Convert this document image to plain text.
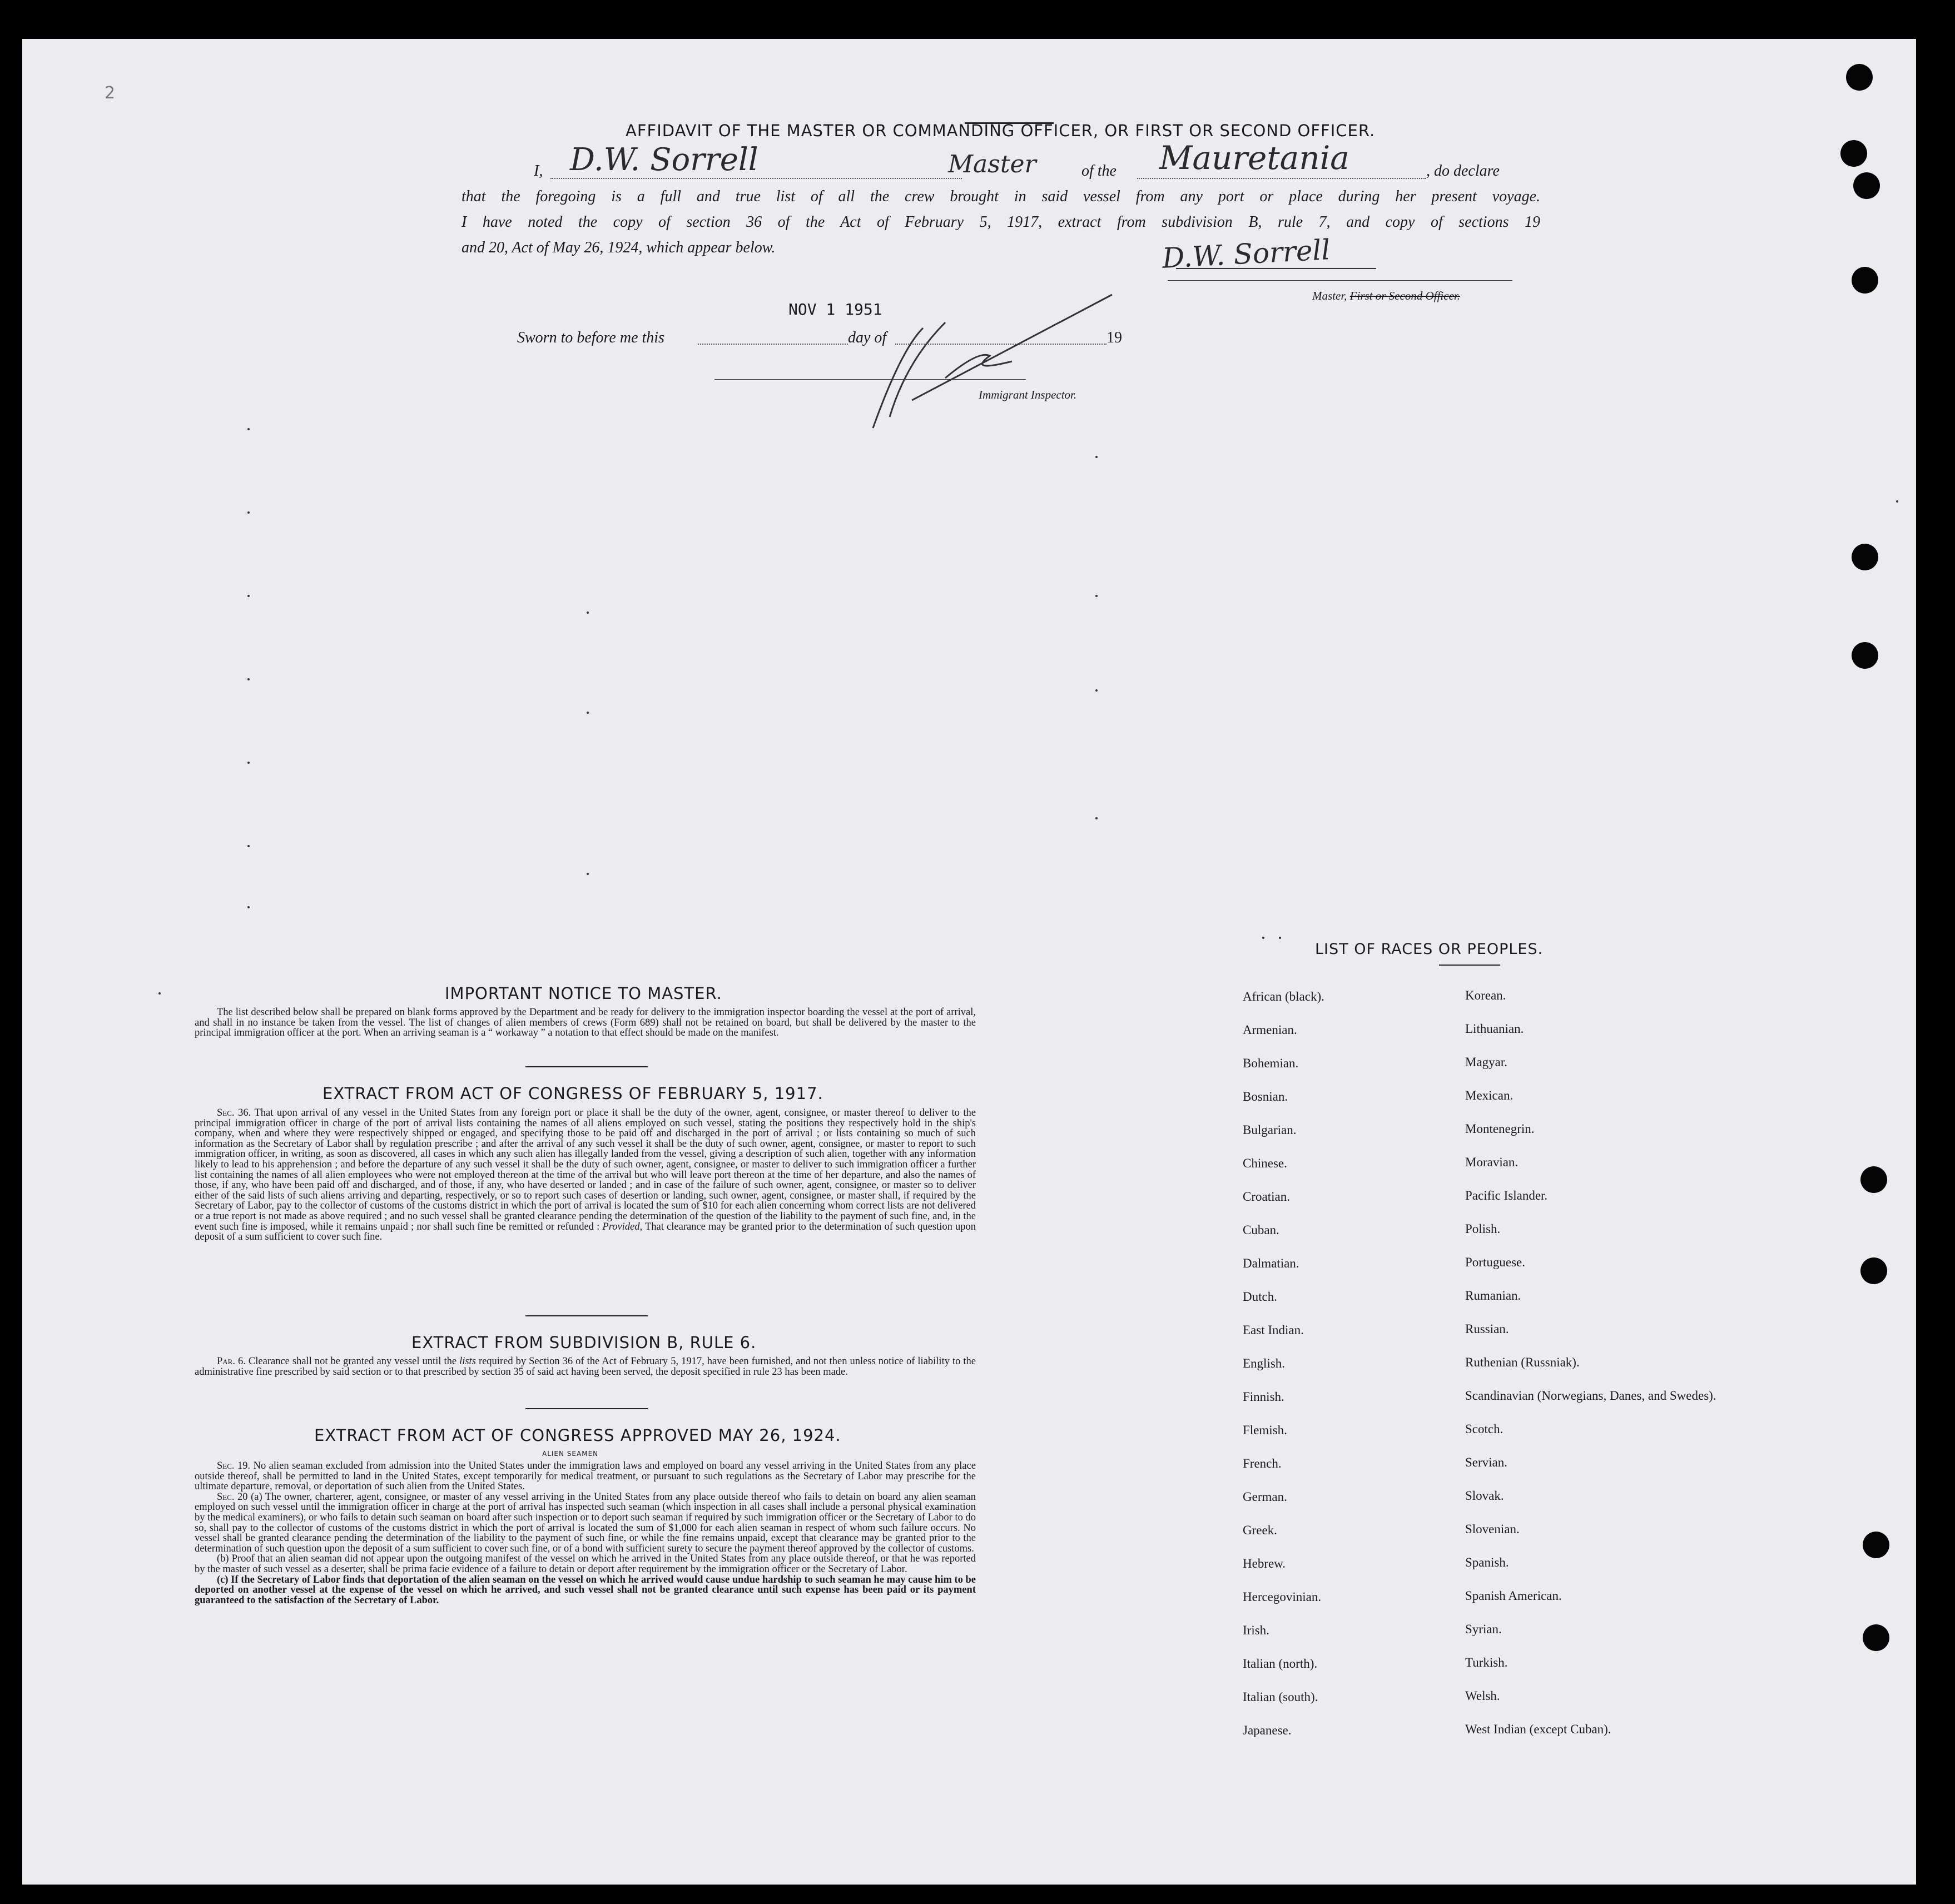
2
AFFIDAVIT OF THE MASTER OR COMMANDING OFFICER, OR FIRST OR SECOND OFFICER.
I, D.W. Sorrell	Master	of the Mauretania	, do declare
that the foregoing is a full and true list of all the crew brought in said vessel from any port or place during her present voyage.
I have noted the copy of section 36 of the Act of February 5, 1917, extract from subdivision B, rule 7, and copy of sections 19
and 20, Act of May 26, 1924, which appear below.	D.W. Sorrell
Master, First or Second Officer.
NOV 1 1951
Sworn to before me this	day of	19
Immigrant Inspector.
IMPORTANT NOTICE TO MASTER.

The list described below shall be prepared on blank forms approved by the Department and be ready for delivery to the immigration inspector boarding the vessel at the port of arrival, and shall in no instance be taken from the vessel. The list of changes of alien members of crews (Form 689) shall not be retained on board, but shall be delivered by the master to the principal immigration officer at the port. When an arriving seaman is a “ workaway ” a notation to that effect should be made on the manifest.

EXTRACT FROM ACT OF CONGRESS OF FEBRUARY 5, 1917.

Sec. 36. That upon arrival of any vessel in the United States from any foreign port or place it shall be the duty of the owner, agent, consignee, or master thereof to deliver to the principal immigration officer in charge of the port of arrival lists containing the names of all aliens employed on such vessel, stating the positions they respectively hold in the ship's company, when and where they were respectively shipped or engaged, and specifying those to be paid off and discharged in the port of arrival ; or lists containing so much of such information as the Secretary of Labor shall by regulation prescribe ; and after the arrival of any such vessel it shall be the duty of such owner, agent, consignee, or master to report to such immigration officer, in writing, as soon as discovered, all cases in which any such alien has illegally landed from the vessel, giving a description of such alien, together with any information likely to lead to his apprehension ; and before the departure of any such vessel it shall be the duty of such owner, agent, consignee, or master to deliver to such immigration officer a further list containing the names of all alien employees who were not employed thereon at the time of the arrival but who will leave port thereon at the time of her departure, and also the names of those, if any, who have been paid off and discharged, and of those, if any, who have deserted or landed ; and in case of the failure of such owner, agent, consignee, or master so to deliver either of the said lists of such aliens arriving and departing, respectively, or so to report such cases of desertion or landing, such owner, agent, consignee, or master shall, if required by the Secretary of Labor, pay to the collector of customs of the customs district in which the port of arrival is located the sum of $10 for each alien concerning whom correct lists are not delivered or a true report is not made as above required ; and no such vessel shall be granted clearance pending the determination of the question of the liability to the payment of such fine, and, in the event such fine is imposed, while it remains unpaid ; nor shall such fine be remitted or refunded : Provided, That clearance may be granted prior to the determination of such question upon deposit of a sum sufficient to cover such fine.

EXTRACT FROM SUBDIVISION B, RULE 6.

Par. 6. Clearance shall not be granted any vessel until the lists required by Section 36 of the Act of February 5, 1917, have been furnished, and not then unless notice of liability to the administrative fine prescribed by said section or to that prescribed by section 35 of said act having been served, the deposit specified in rule 23 has been made.

EXTRACT FROM ACT OF CONGRESS APPROVED MAY 26, 1924.
ALIEN SEAMEN

Sec. 19. No alien seaman excluded from admission into the United States under the immigration laws and employed on board any vessel arriving in the United States from any place outside thereof, shall be permitted to land in the United States, except temporarily for medical treatment, or pursuant to such regulations as the Secretary of Labor may prescribe for the ultimate departure, removal, or deportation of such alien from the United States.

Sec. 20 (a) The owner, charterer, agent, consignee, or master of any vessel arriving in the United States from any place outside thereof who fails to detain on board any alien seaman employed on such vessel until the immigration officer in charge at the port of arrival has inspected such seaman (which inspection in all cases shall include a personal physical examination by the medical examiners), or who fails to detain such seaman on board after such inspection or to deport such seaman if required by such immigration officer or the Secretary of Labor to do so, shall pay to the collector of customs of the customs district in which the port of arrival is located the sum of $1,000 for each alien seaman in respect of whom such failure occurs. No vessel shall be granted clearance pending the determination of the liability to the payment of such fine, or while the fine remains unpaid, except that clearance may be granted prior to the determination of such question upon the deposit of a sum sufficient to cover such fine, or of a bond with sufficient surety to secure the payment thereof approved by the collector of customs.

(b) Proof that an alien seaman did not appear upon the outgoing manifest of the vessel on which he arrived in the United States from any place outside thereof, or that he was reported by the master of such vessel as a deserter, shall be prima facie evidence of a failure to detain or deport after requirement by the immigration officer or the Secretary of Labor.

(c) If the Secretary of Labor finds that deportation of the alien seaman on the vessel on which he arrived would cause undue hardship to such seaman he may cause him to be deported on another vessel at the expense of the vessel on which he arrived, and such vessel shall not be granted clearance until such expense has been paid or its payment guaranteed to the satisfaction of the Secretary of Labor.

LIST OF RACES OR PEOPLES.
African (black).	Korean.
Armenian.	Lithuanian.
Bohemian.	Magyar.
Bosnian.	Mexican.
Bulgarian.	Montenegrin.
Chinese.	Moravian.
Croatian.	Pacific Islander.
Cuban.	Polish.
Dalmatian.	Portuguese.
Dutch.	Rumanian.
East Indian.	Russian.
English.	Ruthenian (Russniak).
Finnish.	Scandinavian (Norwegians, Danes, and Swedes).
Flemish.	Scotch.
French.	Servian.
German.	Slovak.
Greek.	Slovenian.
Hebrew.	Spanish.
Hercegovinian.	Spanish American.
Irish.	Syrian.
Italian (north).	Turkish.
Italian (south).	Welsh.
Japanese.	West Indian (except Cuban).
